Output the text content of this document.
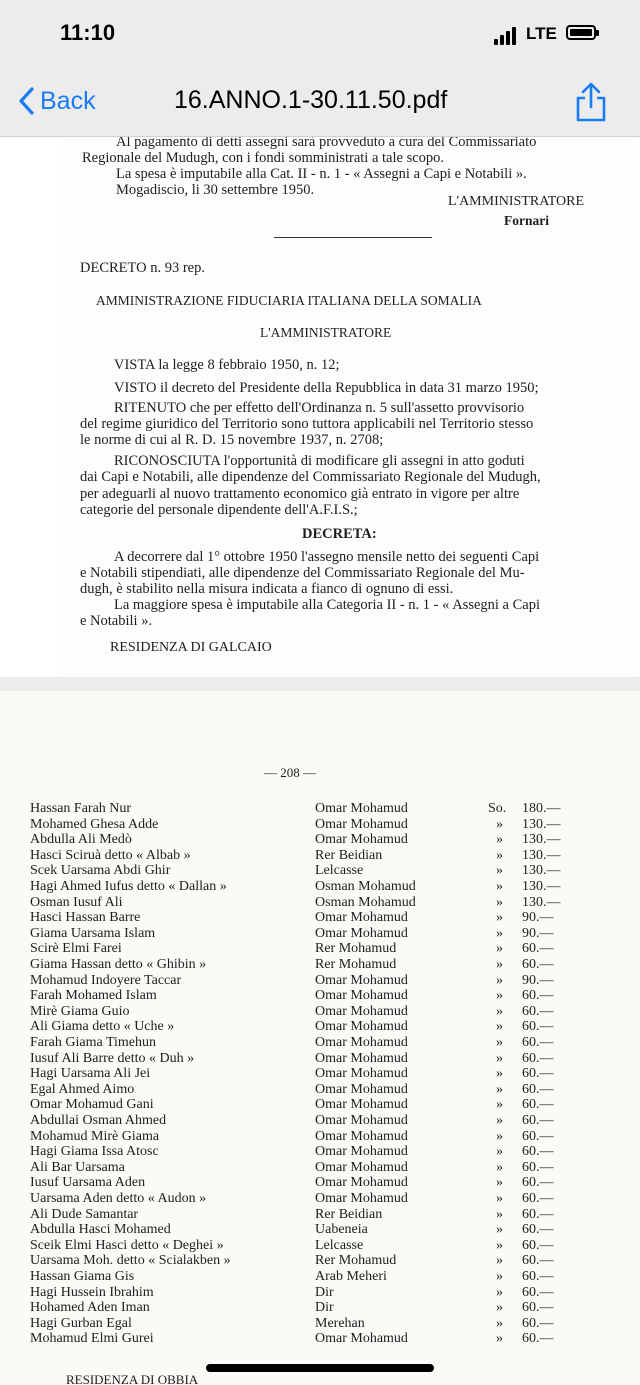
11:10	LTE
Back	16.ANNO.1-30.11.50.pdf
Al pagamento di detti assegni sarà provveduto a cura del Commissariato
Regionale del Mudugh, con i fondi somministrati a tale scopo.
La spesa è imputabile alla Cat. II - n. 1 - « Assegni a Capi e Notabili ».
Mogadiscio, li 30 settembre 1950.
L'AMMINISTRATORE
Fornari
DECRETO n. 93 rep.
AMMINISTRAZIONE FIDUCIARIA ITALIANA DELLA SOMALIA
L'AMMINISTRATORE
VISTA la legge 8 febbraio 1950, n. 12;
VISTO il decreto del Presidente della Repubblica in data 31 marzo 1950;
RITENUTO che per effetto dell'Ordinanza n. 5 sull'assetto provvisorio
del regime giuridico del Territorio sono tuttora applicabili nel Territorio stesso
le norme di cui al R. D. 15 novembre 1937, n. 2708;
RICONOSCIUTA l'opportunità di modificare gli assegni in atto goduti
dai Capi e Notabili, alle dipendenze del Commissariato Regionale del Mudugh,
per adeguarli al nuovo trattamento economico già entrato in vigore per altre
categorie del personale dipendente dell'A.F.I.S.;
DECRETA:
A decorrere dal 1° ottobre 1950 l'assegno mensile netto dei seguenti Capi
e Notabili stipendiati, alle dipendenze del Commissariato Regionale del Mu-
dugh, è stabilito nella misura indicata a fianco di ognuno di essi.
La maggiore spesa è imputabile alla Categoria II - n. 1 - « Assegni a Capi
e Notabili ».
RESIDENZA DI GALCAIO
— 208 —
Hassan Farah Nur	Omar Mohamud	So. 180.—
Mohamed Ghesa Adde	Omar Mohamud	» 130.—
Abdulla Ali Medò	Omar Mohamud	» 130.—
Hasci Sciruà detto « Albab »	Rer Beidian	» 130.—
Scek Uarsama Abdi Ghir	Lelcasse	» 130.—
Hagi Ahmed Iufus detto « Dallan »	Osman Mohamud	» 130.—
Osman Iusuf Ali	Osman Mohamud	» 130.—
Hasci Hassan Barre	Omar Mohamud	» 90.—
Giama Uarsama Islam	Omar Mohamud	» 90.—
Scirè Elmi Farei	Rer Mohamud	» 60.—
Giama Hassan detto « Ghibin »	Rer Mohamud	» 60.—
Mohamud Indoyere Taccar	Omar Mohamud	» 90.—
Farah Mohamed Islam	Omar Mohamud	» 60.—
Mirè Giama Guio	Omar Mohamud	» 60.—
Ali Giama detto « Uche »	Omar Mohamud	» 60.—
Farah Giama Timehun	Omar Mohamud	» 60.—
Iusuf Ali Barre detto « Duh »	Omar Mohamud	» 60.—
Hagi Uarsama Ali Jei	Omar Mohamud	» 60.—
Egal Ahmed Aimo	Omar Mohamud	» 60.—
Omar Mohamud Gani	Omar Mohamud	» 60.—
Abdullai Osman Ahmed	Omar Mohamud	» 60.—
Mohamud Mirè Giama	Omar Mohamud	» 60.—
Hagi Giama Issa Atosc	Omar Mohamud	» 60.—
Ali Bar Uarsama	Omar Mohamud	» 60.—
Iusuf Uarsama Aden	Omar Mohamud	» 60.—
Uarsama Aden detto « Audon »	Omar Mohamud	» 60.—
Ali Dude Samantar	Rer Beidian	» 60.—
Abdulla Hasci Mohamed	Uabeneia	» 60.—
Sceik Elmi Hasci detto « Deghei »	Lelcasse	» 60.—
Uarsama Moh. detto « Scialakben »	Rer Mohamud	» 60.—
Hassan Giama Gis	Arab Meheri	» 60.—
Hagi Hussein Ibrahim	Dir	» 60.—
Hohamed Aden Iman	Dir	» 60.—
Hagi Gurban Egal	Merehan	» 60.—
Mohamud Elmi Gurei	Omar Mohamud	» 60.—
RESIDENZA DI OBBIA
